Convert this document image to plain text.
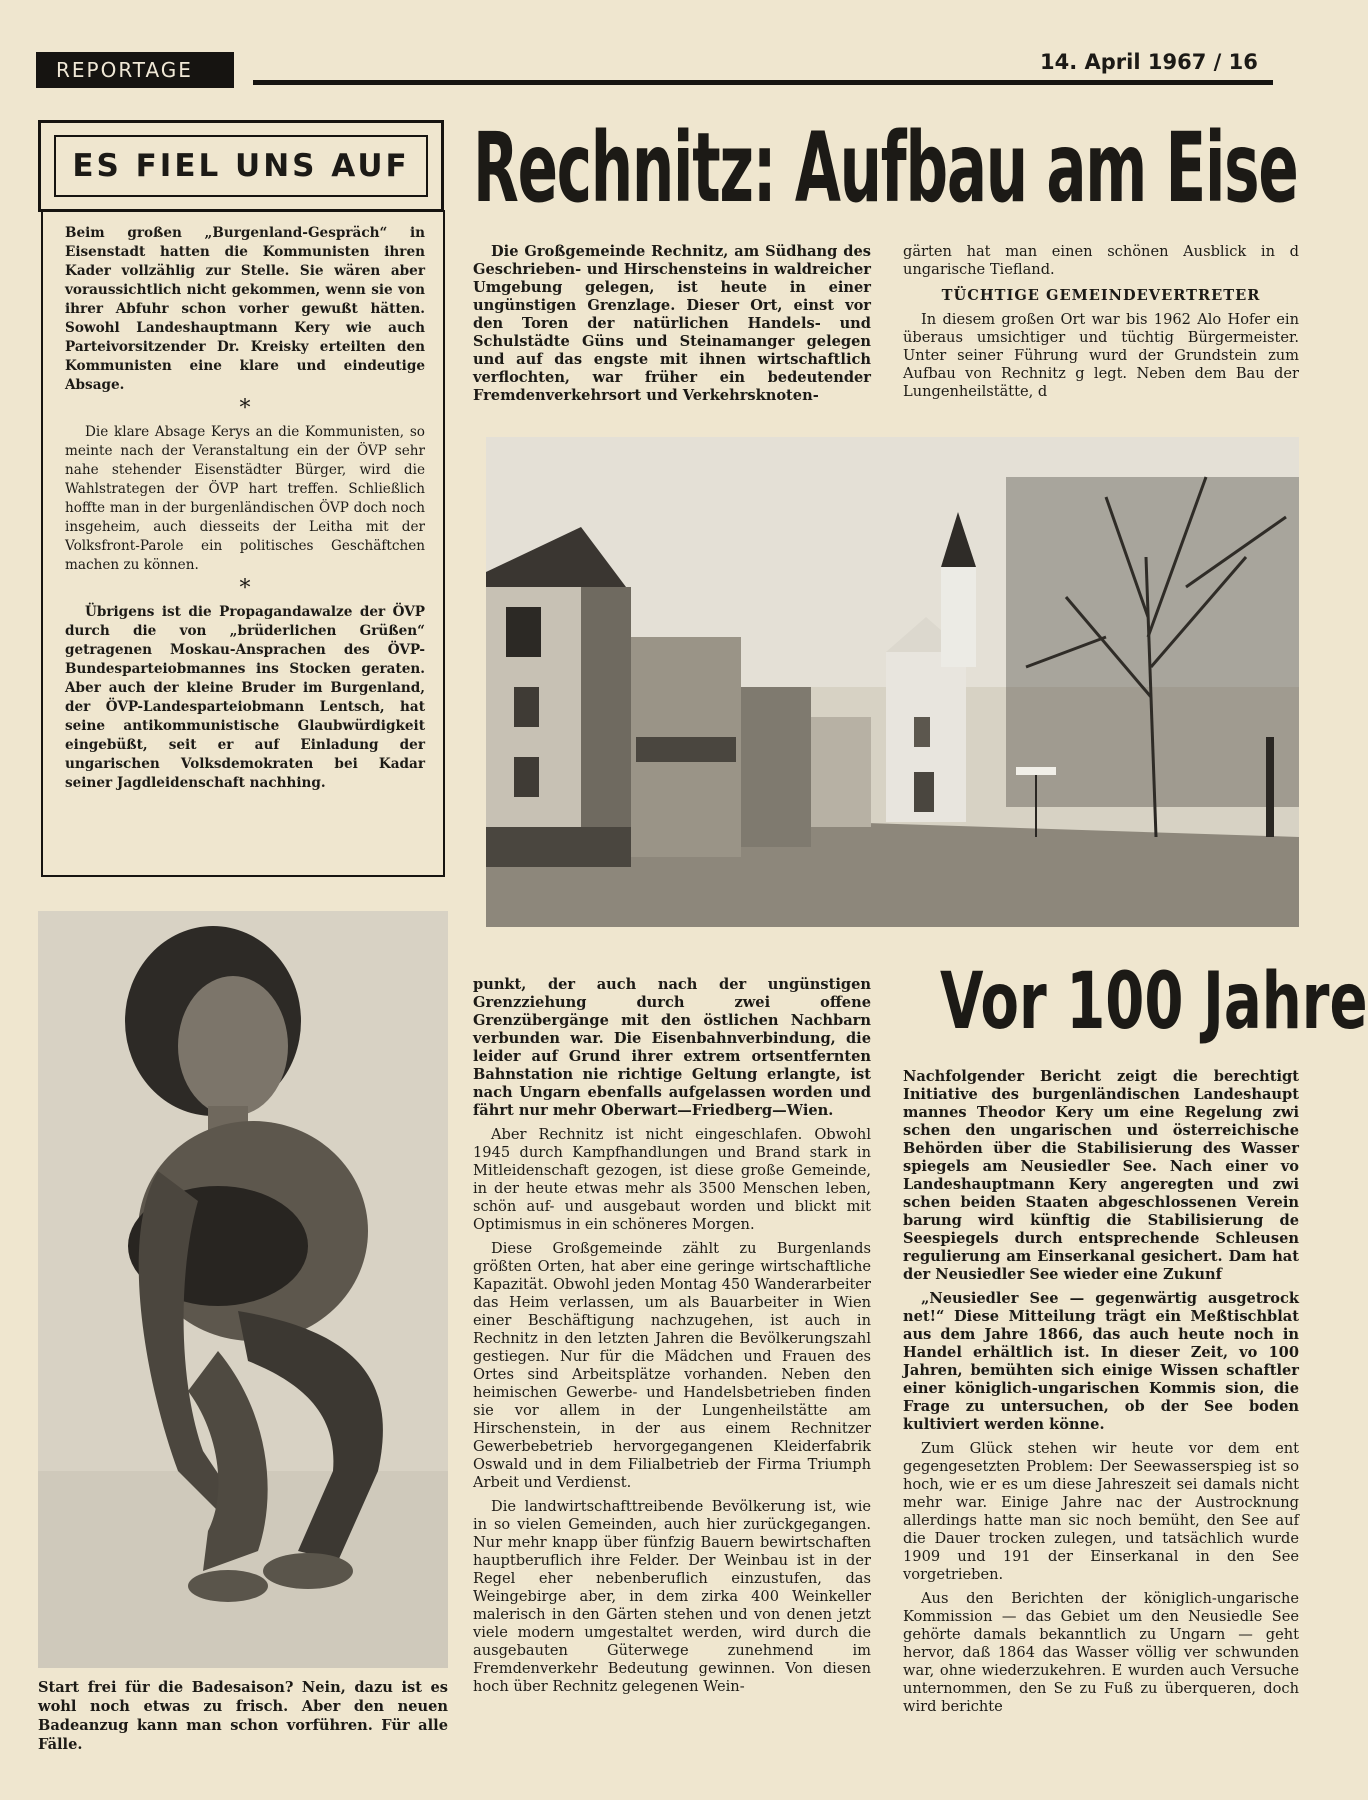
REPORTAGE	14. April 1967 / 16
ES FIEL UNS AUF

Beim großen „Burgenland-Gespräch“ in Eisenstadt hatten die Kommunisten ihren Kader vollzählig zur Stelle. Sie wären aber voraussichtlich nicht gekommen, wenn sie von ihrer Abfuhr schon vorher gewußt hätten. Sowohl Landeshauptmann Kery wie auch Parteivorsitzender Dr. Kreisky erteilten den Kommunisten eine klare und eindeutige Absage.

*

Die klare Absage Kerys an die Kommunisten, so meinte nach der Veranstaltung ein der ÖVP sehr nahe stehender Eisenstädter Bürger, wird die Wahlstrategen der ÖVP hart treffen. Schließlich hoffte man in der burgenländischen ÖVP doch noch insgeheim, auch diesseits der Leitha mit der Volksfront-Parole ein politisches Geschäftchen machen zu können.

*

Übrigens ist die Propagandawalze der ÖVP durch die von „brüderlichen Grüßen“ getragenen Moskau-Ansprachen des ÖVP-Bundesparteiobmannes ins Stocken geraten. Aber auch der kleine Bruder im Burgenland, der ÖVP-Landesparteiobmann Lentsch, hat seine antikommunistische Glaubwürdigkeit eingebüßt, seit er auf Einladung der ungarischen Volksdemokraten bei Kadar seiner Jagdleidenschaft nachhing.

Rechnitz: Aufbau am Eise

Die Großgemeinde Rechnitz, am Südhang des Geschrieben- und Hirschensteins in waldreicher Umgebung gelegen, ist heute in einer ungünstigen Grenzlage. Dieser Ort, einst vor den Toren der natürlichen Handels- und Schulstädte Güns und Steinamanger gelegen und auf das engste mit ihnen wirtschaftlich verflochten, war früher ein bedeutender Fremdenverkehrsort und Verkehrsknoten-

gärten hat man einen schönen Ausblick in d ungarische Tiefland.

TÜCHTIGE GEMEINDEVERTRETER

In diesem großen Ort war bis 1962 Alo Hofer ein überaus umsichtiger und tüchtig Bürgermeister. Unter seiner Führung wurd der Grundstein zum Aufbau von Rechnitz g legt. Neben dem Bau der Lungenheilstätte, d

Start frei für die Badesaison? Nein, dazu ist es wohl noch etwas zu frisch. Aber den neuen Badeanzug kann man schon vorführen. Für alle Fälle.

punkt, der auch nach der ungünstigen Grenzziehung durch zwei offene Grenzübergänge mit den östlichen Nachbarn verbunden war. Die Eisenbahnverbindung, die leider auf Grund ihrer extrem ortsentfernten Bahnstation nie richtige Geltung erlangte, ist nach Ungarn ebenfalls aufgelassen worden und fährt nur mehr Oberwart—Friedberg—Wien.

Aber Rechnitz ist nicht eingeschlafen. Obwohl 1945 durch Kampfhandlungen und Brand stark in Mitleidenschaft gezogen, ist diese große Gemeinde, in der heute etwas mehr als 3500 Menschen leben, schön auf- und ausgebaut worden und blickt mit Optimismus in ein schöneres Morgen.

Diese Großgemeinde zählt zu Burgenlands größten Orten, hat aber eine geringe wirtschaftliche Kapazität. Obwohl jeden Montag 450 Wanderarbeiter das Heim verlassen, um als Bauarbeiter in Wien einer Beschäftigung nachzugehen, ist auch in Rechnitz in den letzten Jahren die Bevölkerungszahl gestiegen. Nur für die Mädchen und Frauen des Ortes sind Arbeitsplätze vorhanden. Neben den heimischen Gewerbe- und Handelsbetrieben finden sie vor allem in der Lungenheilstätte am Hirschenstein, in der aus einem Rechnitzer Gewerbebetrieb hervorgegangenen Kleiderfabrik Oswald und in dem Filialbetrieb der Firma Triumph Arbeit und Verdienst.

Die landwirtschafttreibende Bevölkerung ist, wie in so vielen Gemeinden, auch hier zurückgegangen. Nur mehr knapp über fünfzig Bauern bewirtschaften hauptberuflich ihre Felder. Der Weinbau ist in der Regel eher nebenberuflich einzustufen, das Weingebirge aber, in dem zirka 400 Weinkeller malerisch in den Gärten stehen und von denen jetzt viele modern umgestaltet werden, wird durch die ausgebauten Güterwege zunehmend im Fremdenverkehr Bedeutung gewinnen. Von diesen hoch über Rechnitz gelegenen Wein-

Vor 100 Jahre

Nachfolgender Bericht zeigt die berechtigt Initiative des burgenländischen Landeshaupt mannes Theodor Kery um eine Regelung zwi schen den ungarischen und österreichische Behörden über die Stabilisierung des Wasser spiegels am Neusiedler See. Nach einer vo Landeshauptmann Kery angeregten und zwi schen beiden Staaten abgeschlossenen Verein barung wird künftig die Stabilisierung de Seespiegels durch entsprechende Schleusen regulierung am Einserkanal gesichert. Dam hat der Neusiedler See wieder eine Zukunf

„Neusiedler See — gegenwärtig ausgetrock net!“ Diese Mitteilung trägt ein Meßtischblat aus dem Jahre 1866, das auch heute noch in Handel erhältlich ist. In dieser Zeit, vo 100 Jahren, bemühten sich einige Wissen schaftler einer königlich-ungarischen Kommis sion, die Frage zu untersuchen, ob der See boden kultiviert werden könne.

Zum Glück stehen wir heute vor dem ent gegengesetzten Problem: Der Seewasserspieg ist so hoch, wie er es um diese Jahreszeit sei damals nicht mehr war. Einige Jahre nac der Austrocknung allerdings hatte man sic noch bemüht, den See auf die Dauer trocken zulegen, und tatsächlich wurde 1909 und 191 der Einserkanal in den See vorgetrieben.

Aus den Berichten der königlich-ungarische Kommission — das Gebiet um den Neusiedle See gehörte damals bekanntlich zu Ungarn — geht hervor, daß 1864 das Wasser völlig ver schwunden war, ohne wiederzukehren. E wurden auch Versuche unternommen, den Se zu Fuß zu überqueren, doch wird berichte
